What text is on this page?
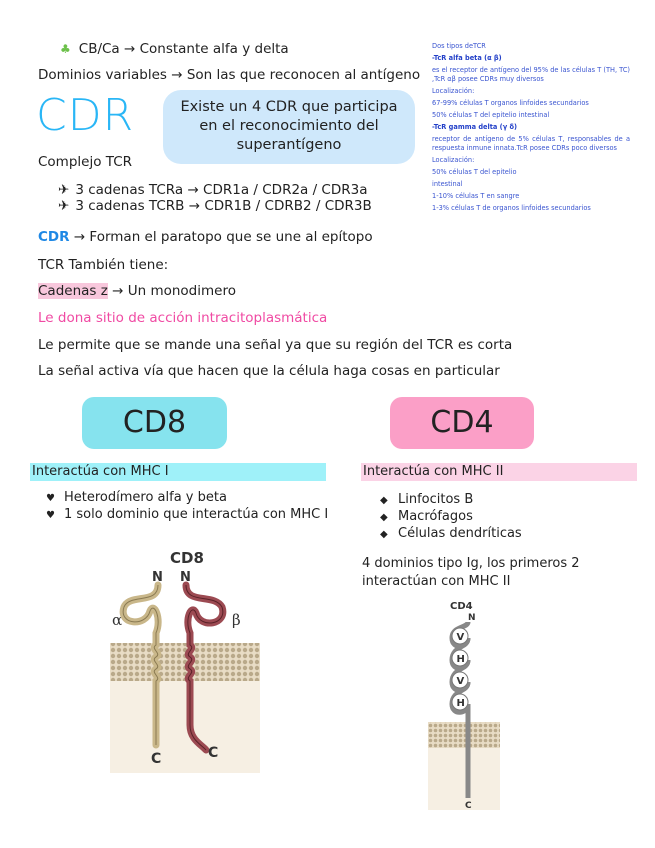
♣ CB/Ca → Constante alfa y delta
Dominios variables → Son las que reconocen al antígeno
CDR	Existe un 4 CDR que participa en el reconocimiento del superantígeno
Complejo TCR
✈ 3 cadenas TCRa → CDR1a / CDR2a / CDR3a
✈ 3 cadenas TCRB → CDR1B / CDRB2 / CDR3B
CDR → Forman el paratopo que se une al epítopo
TCR También tiene:
Cadenas z → Un monodimero
Le dona sitio de acción intracitoplasmática
Le permite que se mande una señal ya que su región del TCR es corta
La señal activa vía que hacen que la célula haga cosas en particular
Dos tipos deTCR
-TcR alfa beta (α β)
es el receptor de antígeno del 95% de las células T (TH, TC) ,TcR αβ posee CDRs muy diversos
Localización:
67-99% células T organos linfoides secundarios
50% células T del epitelio intestinal
-TcR gamma delta (γ δ)
receptor de antígeno de 5% células T, responsables de a respuesta inmune innata.TcR posee CDRs poco diversos
Localización:
50% células T del epitelio
intestinal
1-10% células T en sangre
1-3% células T de organos linfoides secundarios
CD8
Interactúa con MHC I
♥ Heterodímero alfa y beta
♥ 1 solo dominio que interactúa con MHC I
CD8
N N
α	β
C	C
CD4
Interactúa con MHC II
◆ Linfocitos B
◆ Macrófagos
◆ Células dendríticas
4 dominios tipo Ig, los primeros 2 interactúan con MHC II
CD4
N
V
H
V
H
C
